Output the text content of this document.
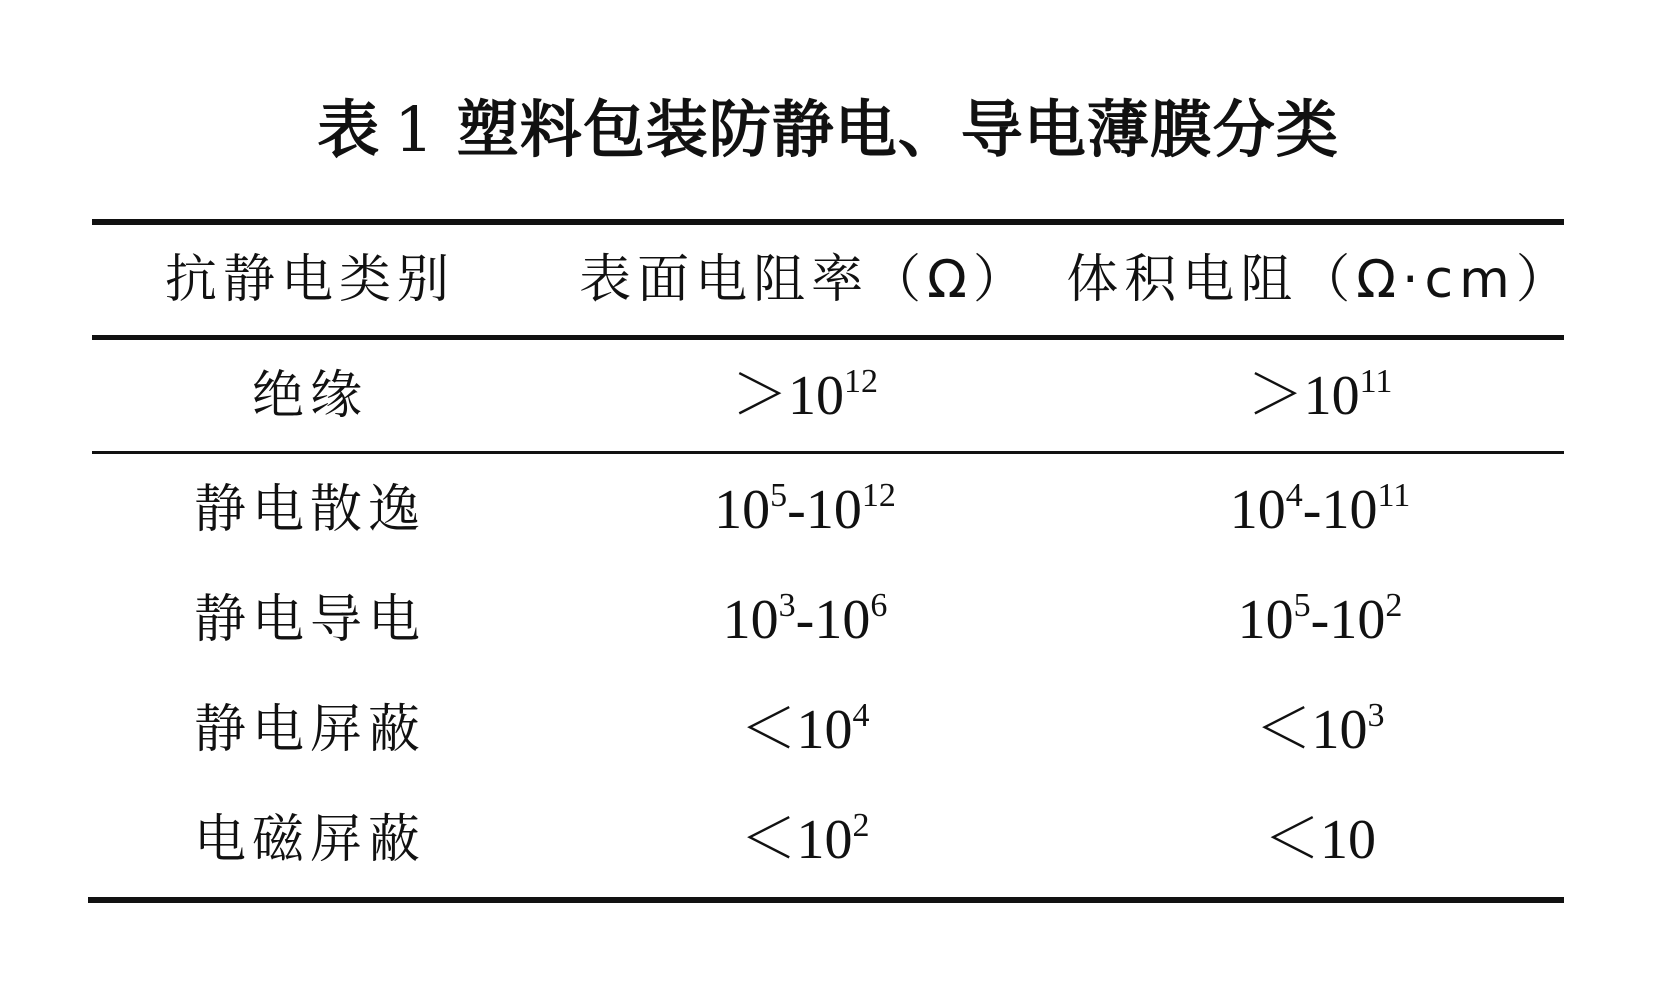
表 1 塑料包装防静电、导电薄膜分类
抗静电类别	表面电阻率（Ω） 体积电阻（Ω·cm）
绝缘	$>10^{12}$	$>10^{11}$
静电散逸	$10^5-10^{12}$	$10^4-10^{11}$
静电导电	$10^3-10^6$	$10^5-10^2$
静电屏蔽	$<10^4$	$<10^3$
电磁屏蔽	$<10^2$	＜10
